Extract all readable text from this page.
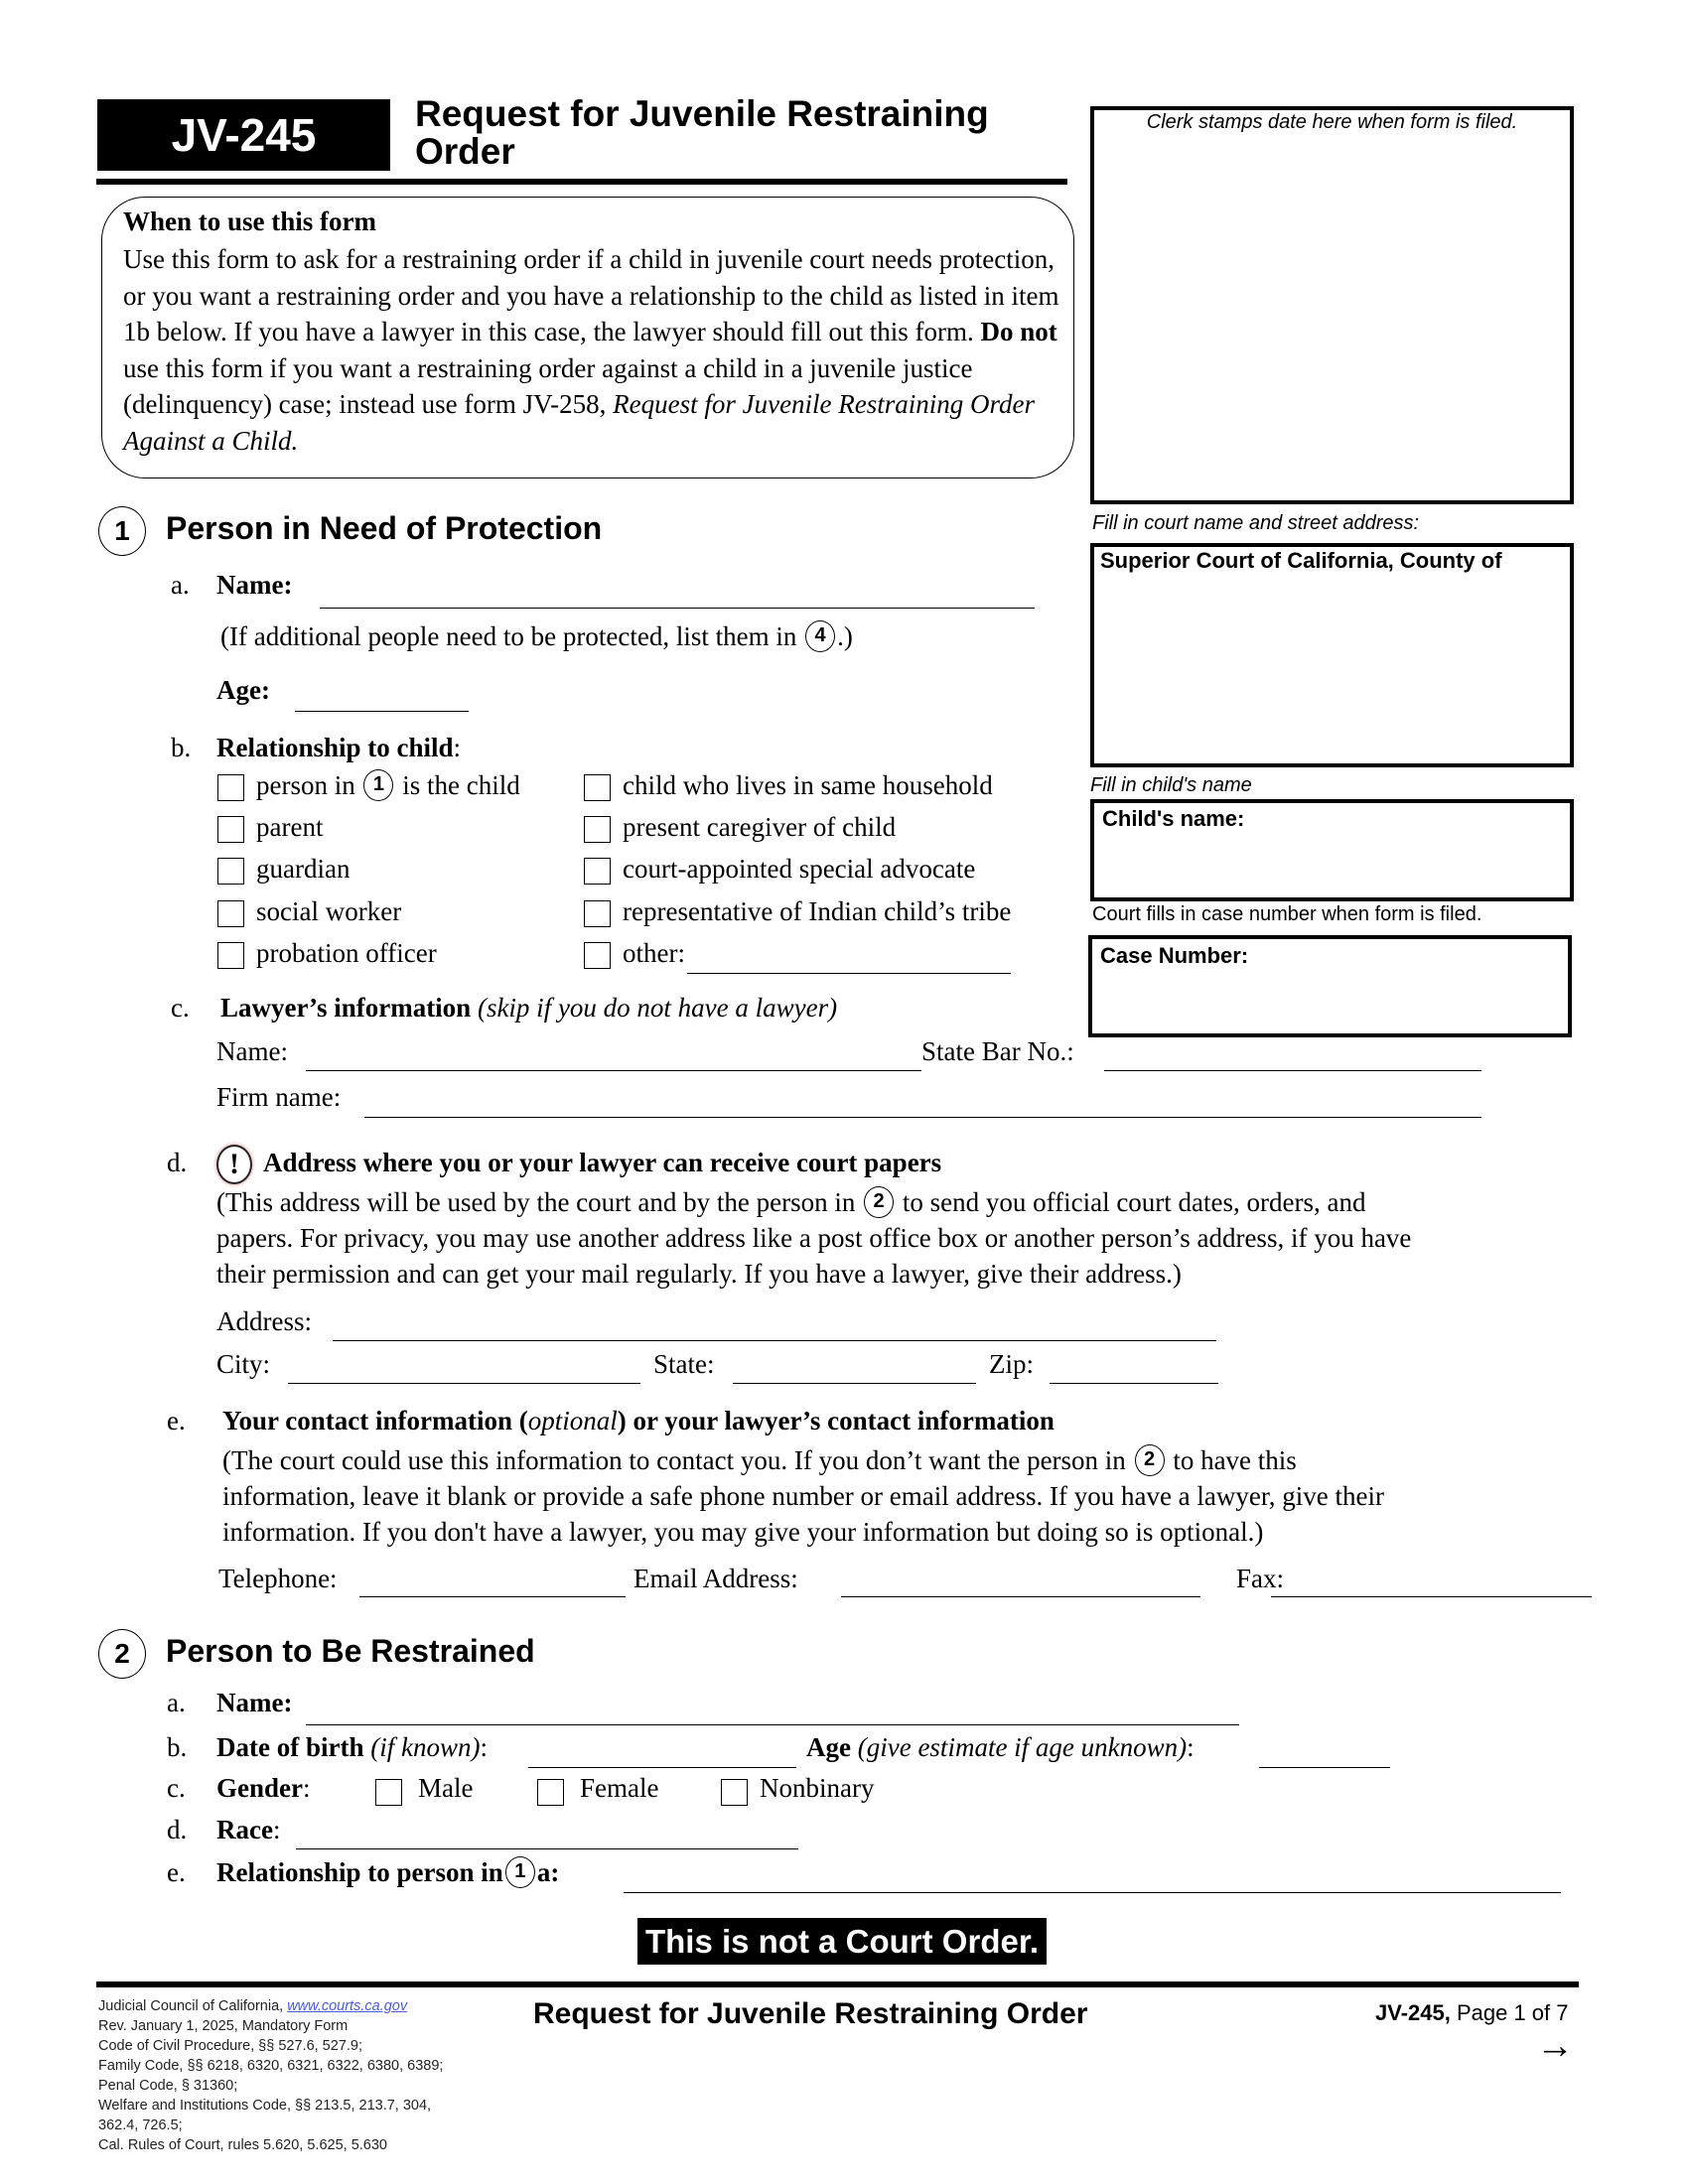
JV-245	Request for Juvenile Restraining Order
When to use this form
Use this form to ask for a restraining order if a child in juvenile court needs protection, or you want a restraining order and you have a relationship to the child as listed in item 1b below. If you have a lawyer in this case, the lawyer should fill out this form. Do not use this form if you want a restraining order against a child in a juvenile justice (delinquency) case; instead use form JV-258, Request for Juvenile Restraining Order Against a Child.
Clerk stamps date here when form is filed.
Fill in court name and street address:
Superior Court of California, County of
Fill in child's name
Child's name:
Court fills in case number when form is filed.
Case Number:
1	Person in Need of Protection
a. Name:
(If additional people need to be protected, list them in 4 .)
Age:
b. Relationship to child:
person in 1 is the child
parent
guardian
social worker
probation officer
child who lives in same household
present caregiver of child
court-appointed special advocate
representative of Indian child’s tribe
other:
c. Lawyer’s information (skip if you do not have a lawyer)
Name:	State Bar No.:
Firm name:
d.	! Address where you or your lawyer can receive court papers
(This address will be used by the court and by the person in 2 to send you official court dates, orders, and
papers. For privacy, you may use another address like a post office box or another person’s address, if you have
their permission and can get your mail regularly. If you have a lawyer, give their address.)
Address:
City:	State:	Zip:
e. Your contact information (optional) or your lawyer’s contact information
(The court could use this information to contact you. If you don’t want the person in 2 to have this
information, leave it blank or provide a safe phone number or email address. If you have a lawyer, give their
information. If you don't have a lawyer, you may give your information but doing so is optional.)
Telephone:	Email Address:	Fax:
2	Person to Be Restrained
a. Name:
b. Date of birth (if known):	Age (give estimate if age unknown):
c. Gender:	Male	Female	Nonbinary
d. Race:
e. Relationship to person in 1 a:
This is not a Court Order.
Judicial Council of California, www.courts.ca.gov
Rev. January 1, 2025, Mandatory Form
Code of Civil Procedure, §§ 527.6, 527.9;
Family Code, §§ 6218, 6320, 6321, 6322, 6380, 6389;
Penal Code, § 31360;
Welfare and Institutions Code, §§ 213.5, 213.7, 304,
362.4, 726.5;
Cal. Rules of Court, rules 5.620, 5.625, 5.630
Request for Juvenile Restraining Order	JV-245, Page 1 of 7
→
